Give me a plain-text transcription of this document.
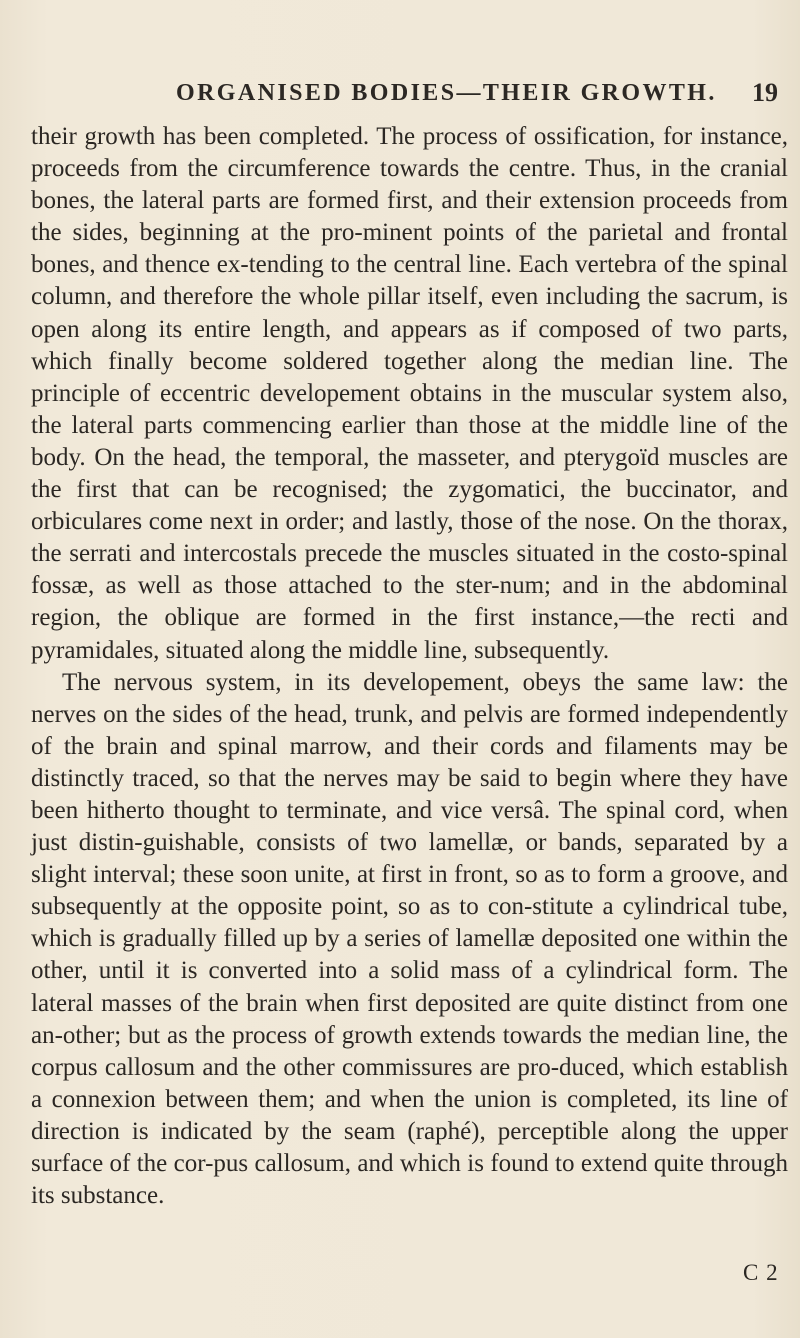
ORGANISED BODIES—THEIR GROWTH. 19

their growth has been completed. The process of ossification, for instance, proceeds from the circumference towards the centre. Thus, in the cranial bones, the lateral parts are formed first, and their extension proceeds from the sides, beginning at the pro-minent points of the parietal and frontal bones, and thence ex-tending to the central line. Each vertebra of the spinal column, and therefore the whole pillar itself, even including the sacrum, is open along its entire length, and appears as if composed of two parts, which finally become soldered together along the median line. The principle of eccentric developement obtains in the muscular system also, the lateral parts commencing earlier than those at the middle line of the body. On the head, the temporal, the masseter, and pterygoïd muscles are the first that can be recognised; the zygomatici, the buccinator, and orbiculares come next in order; and lastly, those of the nose. On the thorax, the serrati and intercostals precede the muscles situated in the costo-spinal fossæ, as well as those attached to the ster-num; and in the abdominal region, the oblique are formed in the first instance,—the recti and pyramidales, situated along the middle line, subsequently.

The nervous system, in its developement, obeys the same law: the nerves on the sides of the head, trunk, and pelvis are formed independently of the brain and spinal marrow, and their cords and filaments may be distinctly traced, so that the nerves may be said to begin where they have been hitherto thought to terminate, and vice versâ. The spinal cord, when just distin-guishable, consists of two lamellæ, or bands, separated by a slight interval; these soon unite, at first in front, so as to form a groove, and subsequently at the opposite point, so as to con-stitute a cylindrical tube, which is gradually filled up by a series of lamellæ deposited one within the other, until it is converted into a solid mass of a cylindrical form. The lateral masses of the brain when first deposited are quite distinct from one an-other; but as the process of growth extends towards the median line, the corpus callosum and the other commissures are pro-duced, which establish a connexion between them; and when the union is completed, its line of direction is indicated by the seam (raphé), perceptible along the upper surface of the cor-pus callosum, and which is found to extend quite through its substance.

C 2
